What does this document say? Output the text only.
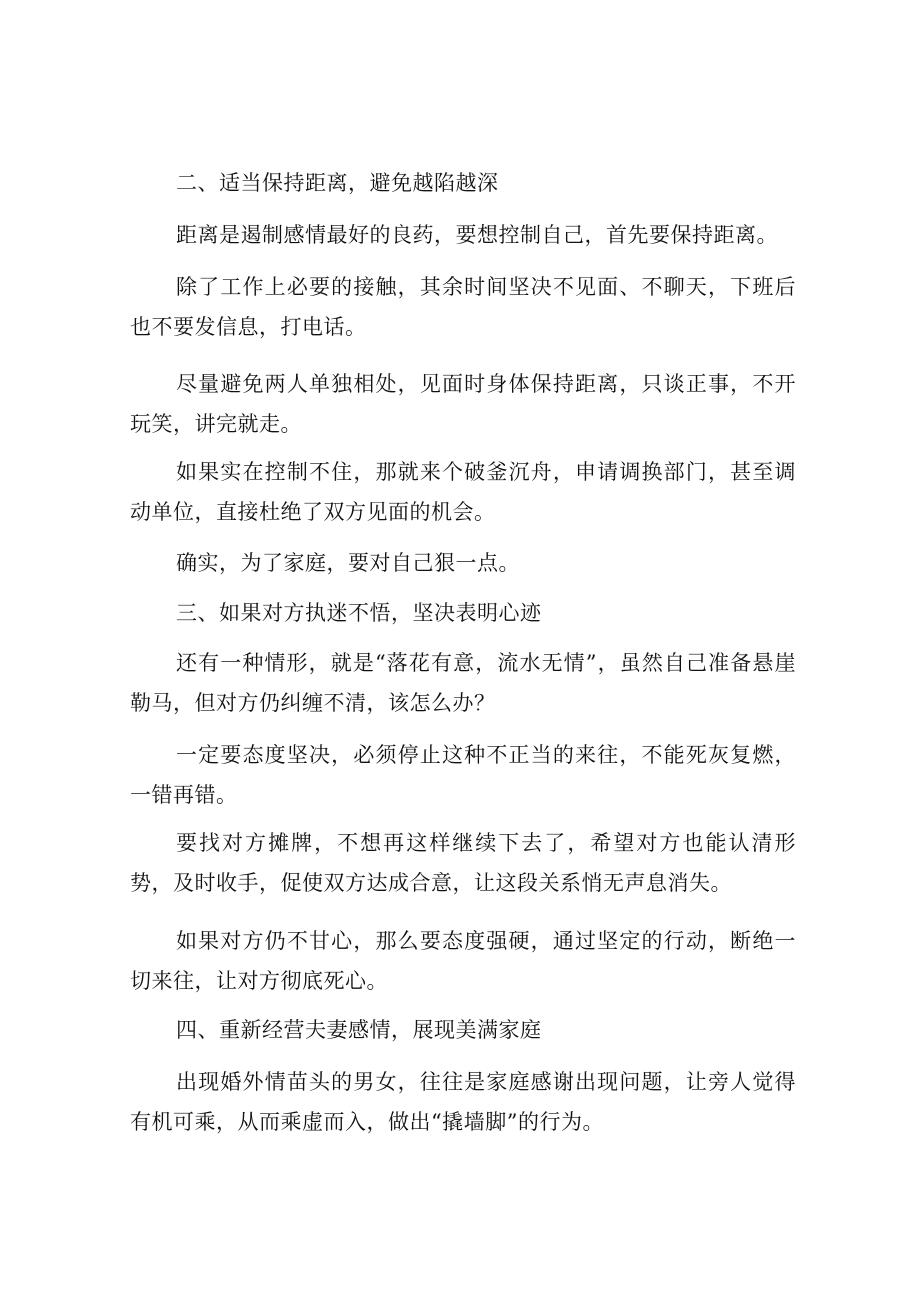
二、适当保持距离，避免越陷越深

距离是遏制感情最好的良药，要想控制自己，首先要保持距离。

除了工作上必要的接触，其余时间坚决不见面、不聊天，下班后也不要发信息，打电话。

尽量避免两人单独相处，见面时身体保持距离，只谈正事，不开玩笑，讲完就走。

如果实在控制不住，那就来个破釜沉舟，申请调换部门，甚至调动单位，直接杜绝了双方见面的机会。

确实，为了家庭，要对自己狠一点。

三、如果对方执迷不悟，坚决表明心迹

还有一种情形，就是“落花有意，流水无情”，虽然自己准备悬崖勒马，但对方仍纠缠不清，该怎么办？

一定要态度坚决，必须停止这种不正当的来往，不能死灰复燃，一错再错。

要找对方摊牌，不想再这样继续下去了，希望对方也能认清形势，及时收手，促使双方达成合意，让这段关系悄无声息消失。

如果对方仍不甘心，那么要态度强硬，通过坚定的行动，断绝一切来往，让对方彻底死心。

四、重新经营夫妻感情，展现美满家庭

出现婚外情苗头的男女，往往是家庭感谢出现问题，让旁人觉得有机可乘，从而乘虚而入，做出“撬墙脚”的行为。
